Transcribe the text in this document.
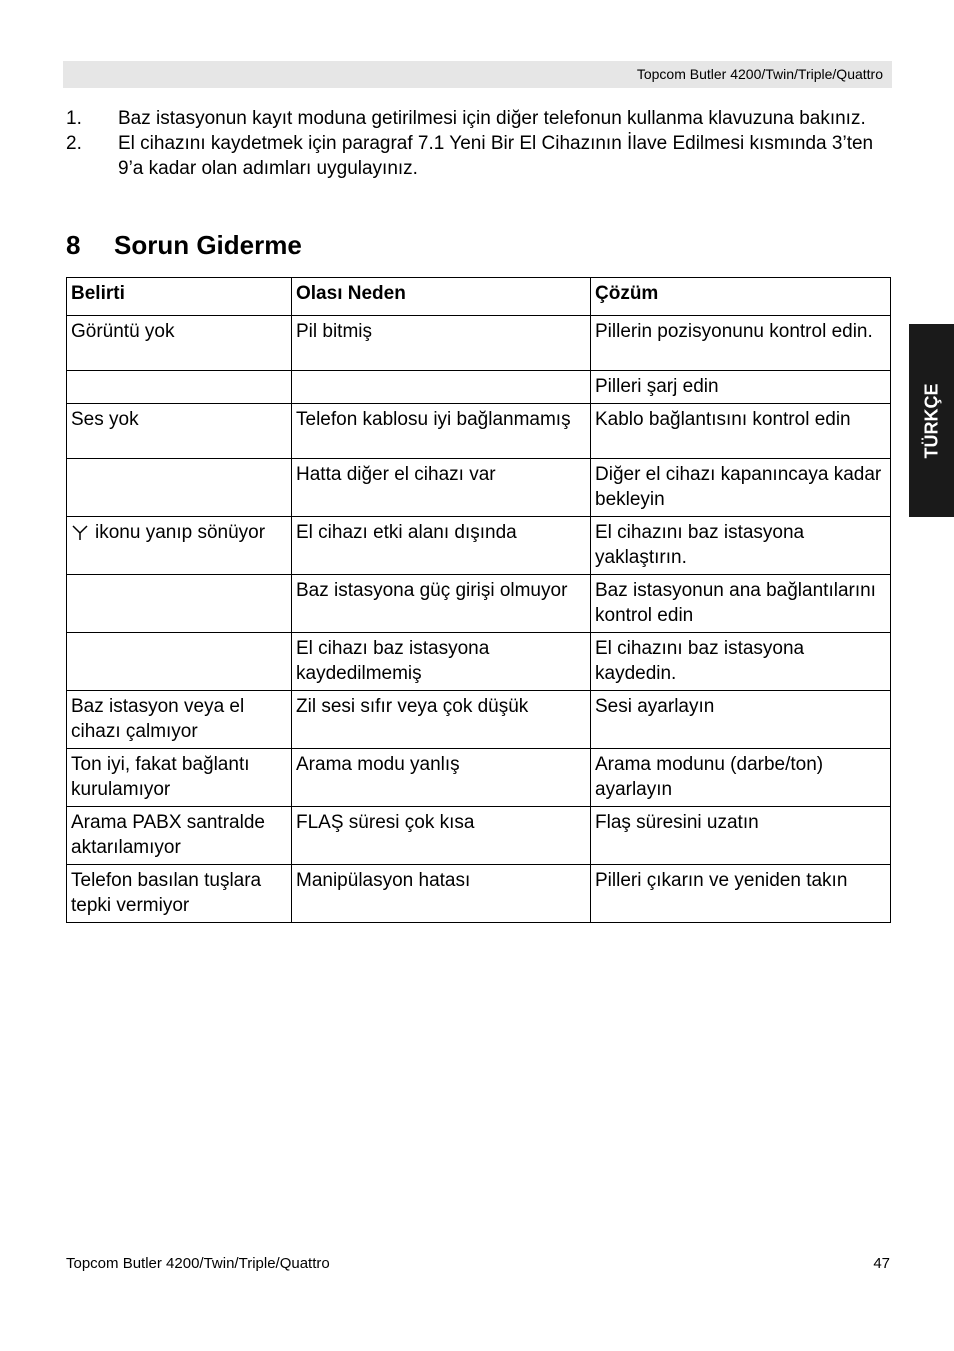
Topcom Butler 4200/Twin/Triple/Quattro
1.	Baz istasyonun kayıt moduna getirilmesi için diğer telefonun kullanma klavuzuna bakınız.
2.	El cihazını kaydetmek için paragraf 7.1 Yeni Bir El Cihazının İlave Edilmesi kısmında 3’ten 9’a kadar olan adımları uygulayınız.
8	Sorun Giderme
Belirti	Olası Neden	Çözüm
Görüntü yok	Pil bitmiş	Pillerin pozisyonunu kontrol edin.
		Pilleri şarj edin
Ses yok	Telefon kablosu iyi bağlanmamış	Kablo bağlantısını kontrol edin
	Hatta diğer el cihazı var	Diğer el cihazı kapanıncaya kadar bekleyin
ikonu yanıp sönüyor	El cihazı etki alanı dışında	El cihazını baz istasyona yaklaştırın.
	Baz istasyona güç girişi olmuyor	Baz istasyonun ana bağlantılarını kontrol edin
	El cihazı baz istasyona kaydedilmemiş	El cihazını baz istasyona kaydedin.
Baz istasyon veya el cihazı çalmıyor	Zil sesi sıfır veya çok düşük	Sesi ayarlayın
Ton iyi, fakat bağlantı kurulamıyor	Arama modu yanlış	Arama modunu (darbe/ton) ayarlayın
Arama PABX santralde aktarılamıyor	FLAŞ süresi çok kısa	Flaş süresini uzatın
Telefon basılan tuşlara tepki vermiyor	Manipülasyon hatası	Pilleri çıkarın ve yeniden takın
TÜRKÇE
Topcom Butler 4200/Twin/Triple/Quattro	47
